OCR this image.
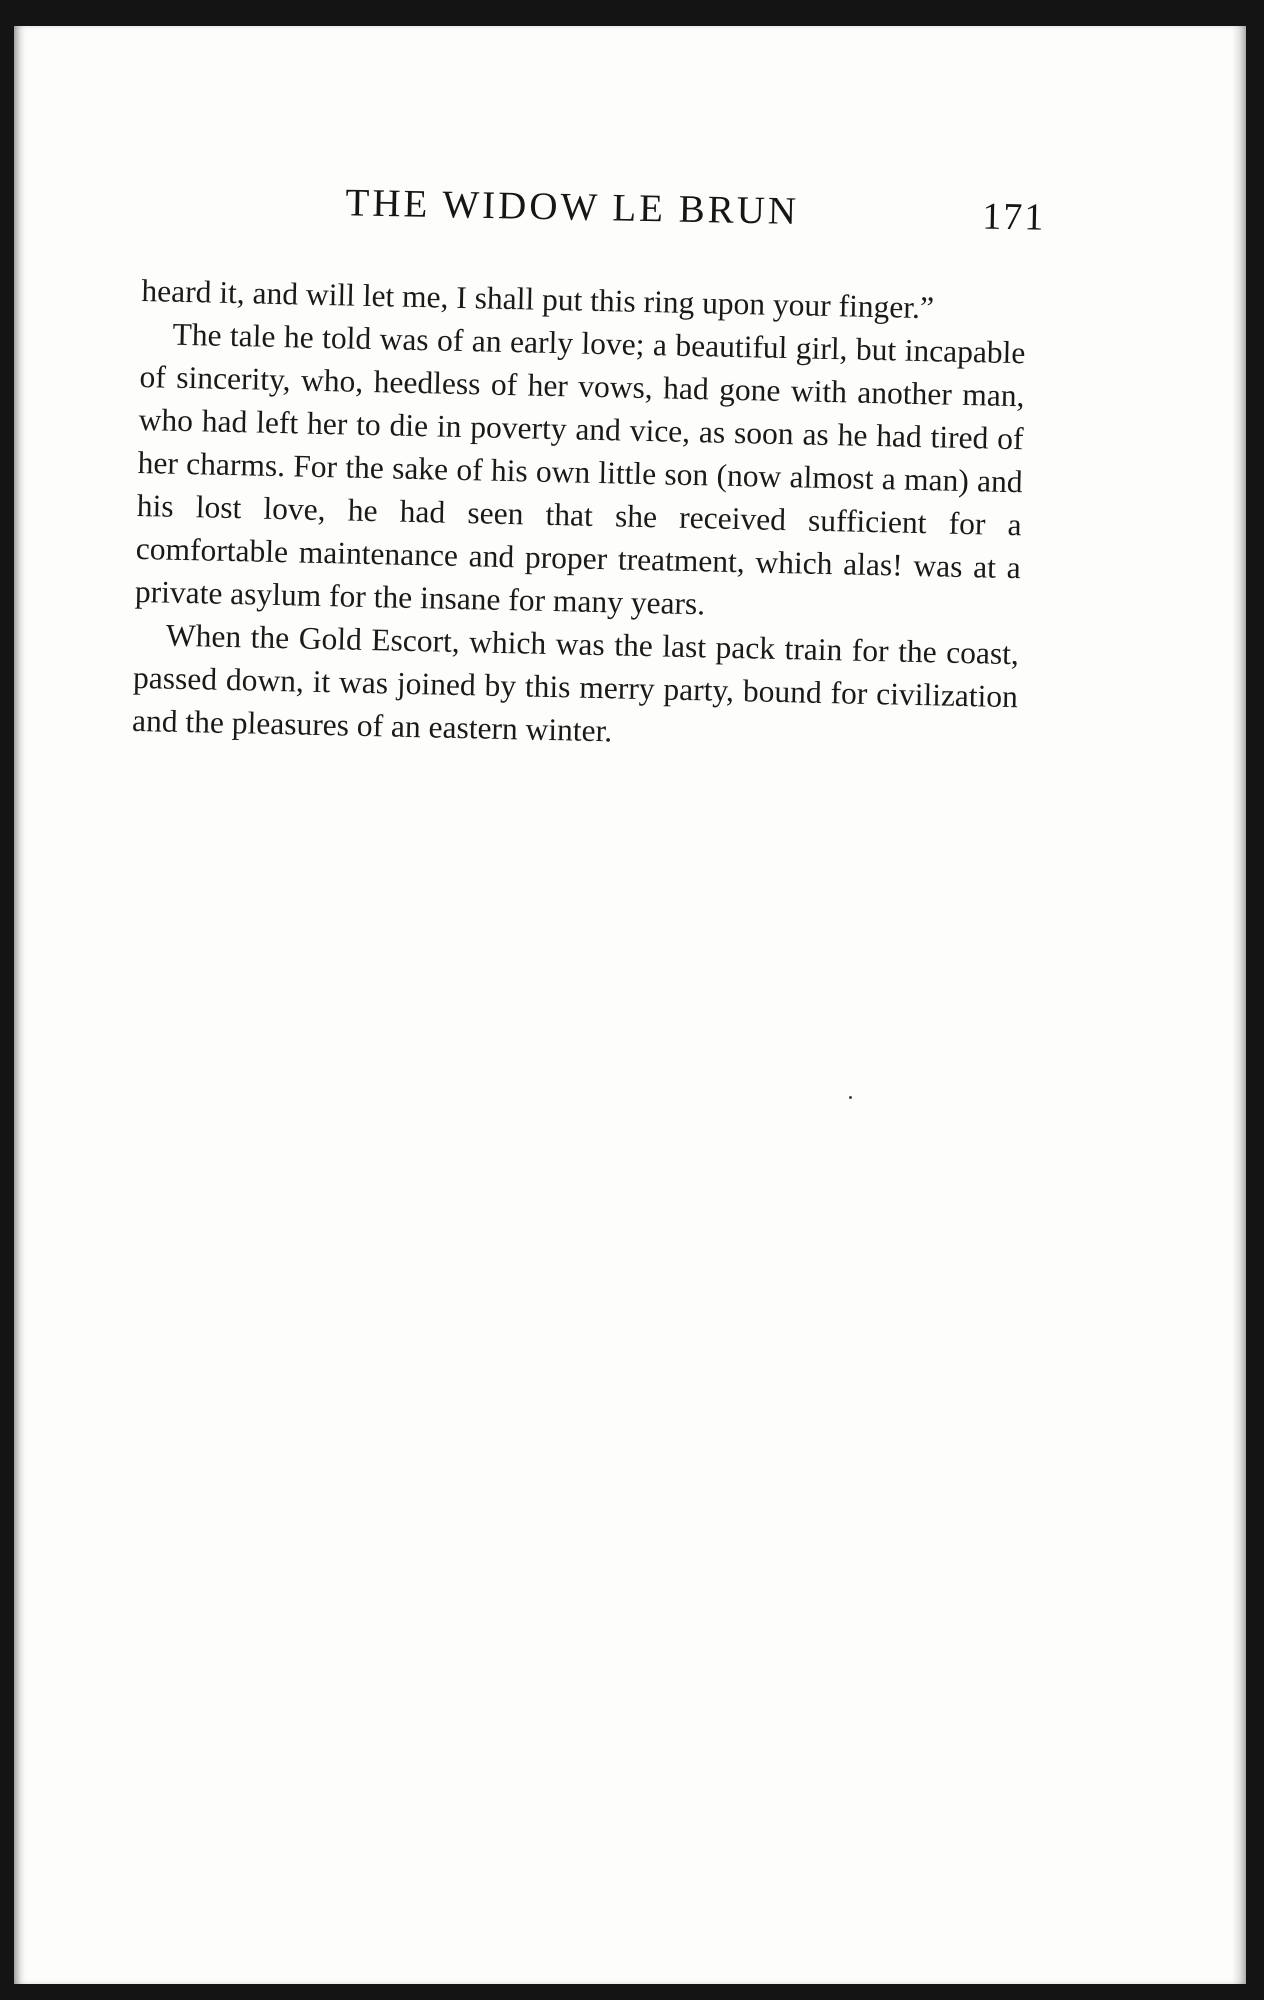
THE WIDOW LE BRUN	171

heard it, and will let me, I shall put this ring upon your finger.”

The tale he told was of an early love; a beautiful girl, but incapable of sincerity, who, heedless of her vows, had gone with another man, who had left her to die in poverty and vice, as soon as he had tired of her charms. For the sake of his own little son (now almost a man) and his lost love, he had seen that she received sufficient for a comfortable maintenance and proper treatment, which alas! was at a private asylum for the insane for many years.

When the Gold Escort, which was the last pack train for the coast, passed down, it was joined by this merry party, bound for civilization and the pleasures of an eastern winter.
